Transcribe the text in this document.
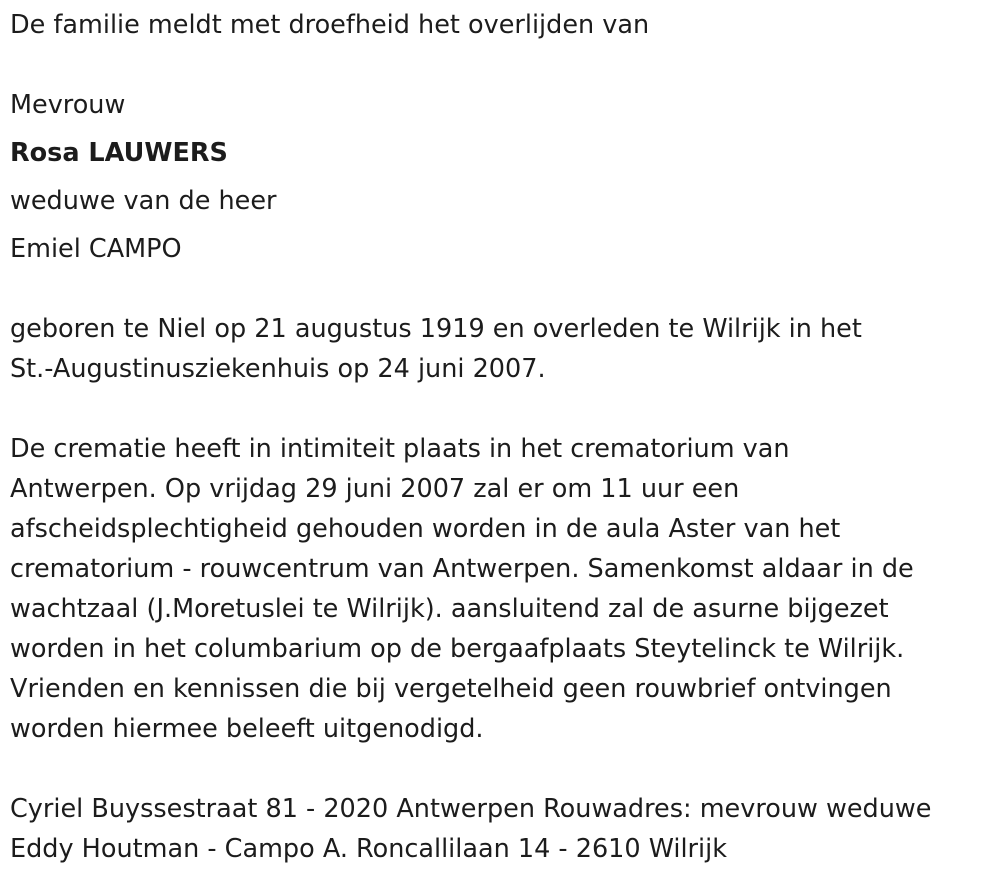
De familie meldt met droefheid het overlijden van

Mevrouw

Rosa LAUWERS

weduwe van de heer

Emiel CAMPO

geboren te Niel op 21 augustus 1919 en overleden te Wilrijk in het

St.-Augustinusziekenhuis op 24 juni 2007.

De crematie heeft in intimiteit plaats in het crematorium van

Antwerpen. Op vrijdag 29 juni 2007 zal er om 11 uur een

afscheidsplechtigheid gehouden worden in de aula Aster van het

crematorium - rouwcentrum van Antwerpen. Samenkomst aldaar in de

wachtzaal (J.Moretuslei te Wilrijk). aansluitend zal de asurne bijgezet

worden in het columbarium op de bergaafplaats Steytelinck te Wilrijk.

Vrienden en kennissen die bij vergetelheid geen rouwbrief ontvingen

worden hiermee beleeft uitgenodigd.

Cyriel Buyssestraat 81 - 2020 Antwerpen Rouwadres: mevrouw weduwe

Eddy Houtman - Campo A. Roncallilaan 14 - 2610 Wilrijk
